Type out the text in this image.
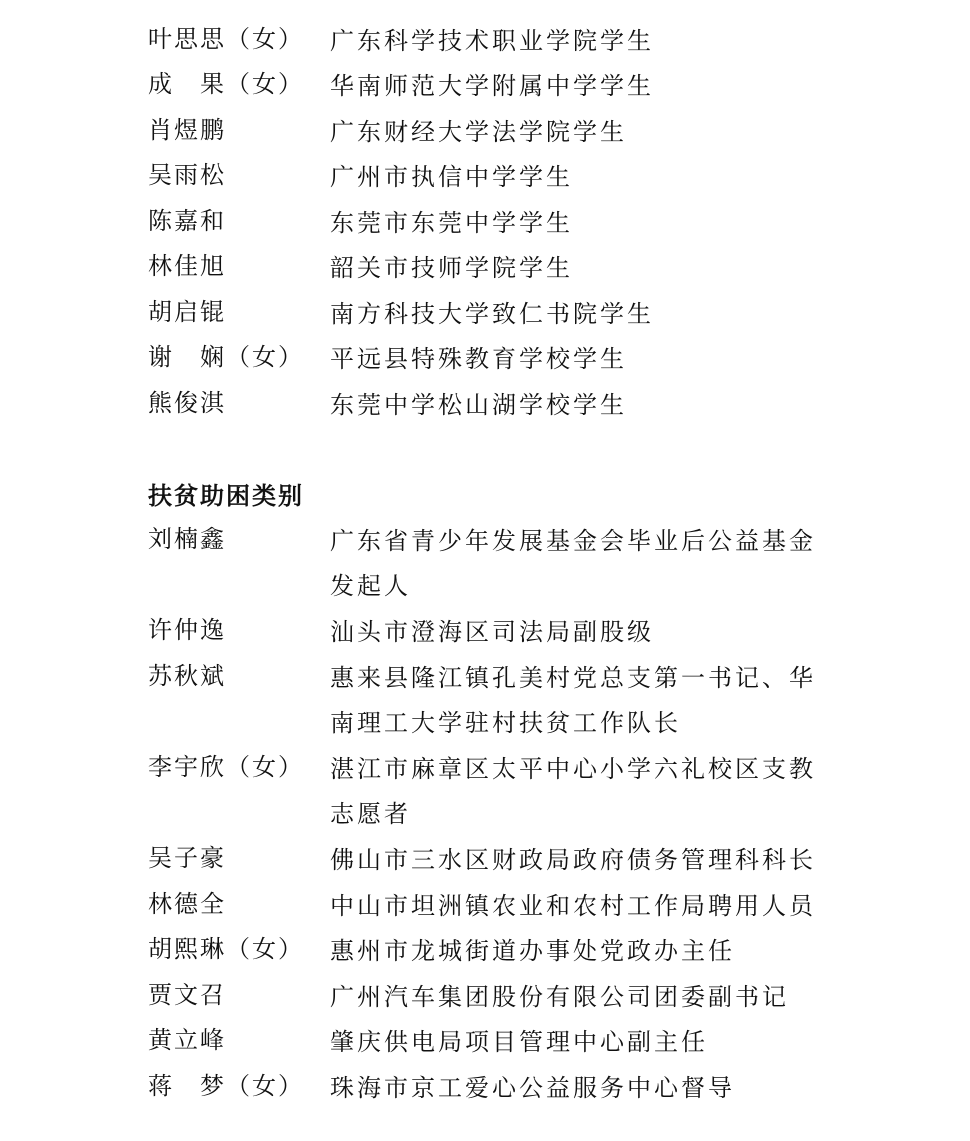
叶思思（女） 广东科学技术职业学院学生
成　果（女） 华南师范大学附属中学学生
肖煜鹏	广东财经大学法学院学生
吴雨松	广州市执信中学学生
陈嘉和	东莞市东莞中学学生
林佳旭	韶关市技师学院学生
胡启锟	南方科技大学致仁书院学生
谢　娴（女） 平远县特殊教育学校学生
熊俊淇	东莞中学松山湖学校学生
扶贫助困类别
刘楠鑫	广东省青少年发展基金会毕业后公益基金发起人
许仲逸	汕头市澄海区司法局副股级
苏秋斌	惠来县隆江镇孔美村党总支第一书记、华南理工大学驻村扶贫工作队长
李宇欣（女） 湛江市麻章区太平中心小学六礼校区支教志愿者
吴子豪	佛山市三水区财政局政府债务管理科科长
林德全	中山市坦洲镇农业和农村工作局聘用人员
胡熙琳（女） 惠州市龙城街道办事处党政办主任
贾文召	广州汽车集团股份有限公司团委副书记
黄立峰	肇庆供电局项目管理中心副主任
蒋　梦（女） 珠海市京工爱心公益服务中心督导
